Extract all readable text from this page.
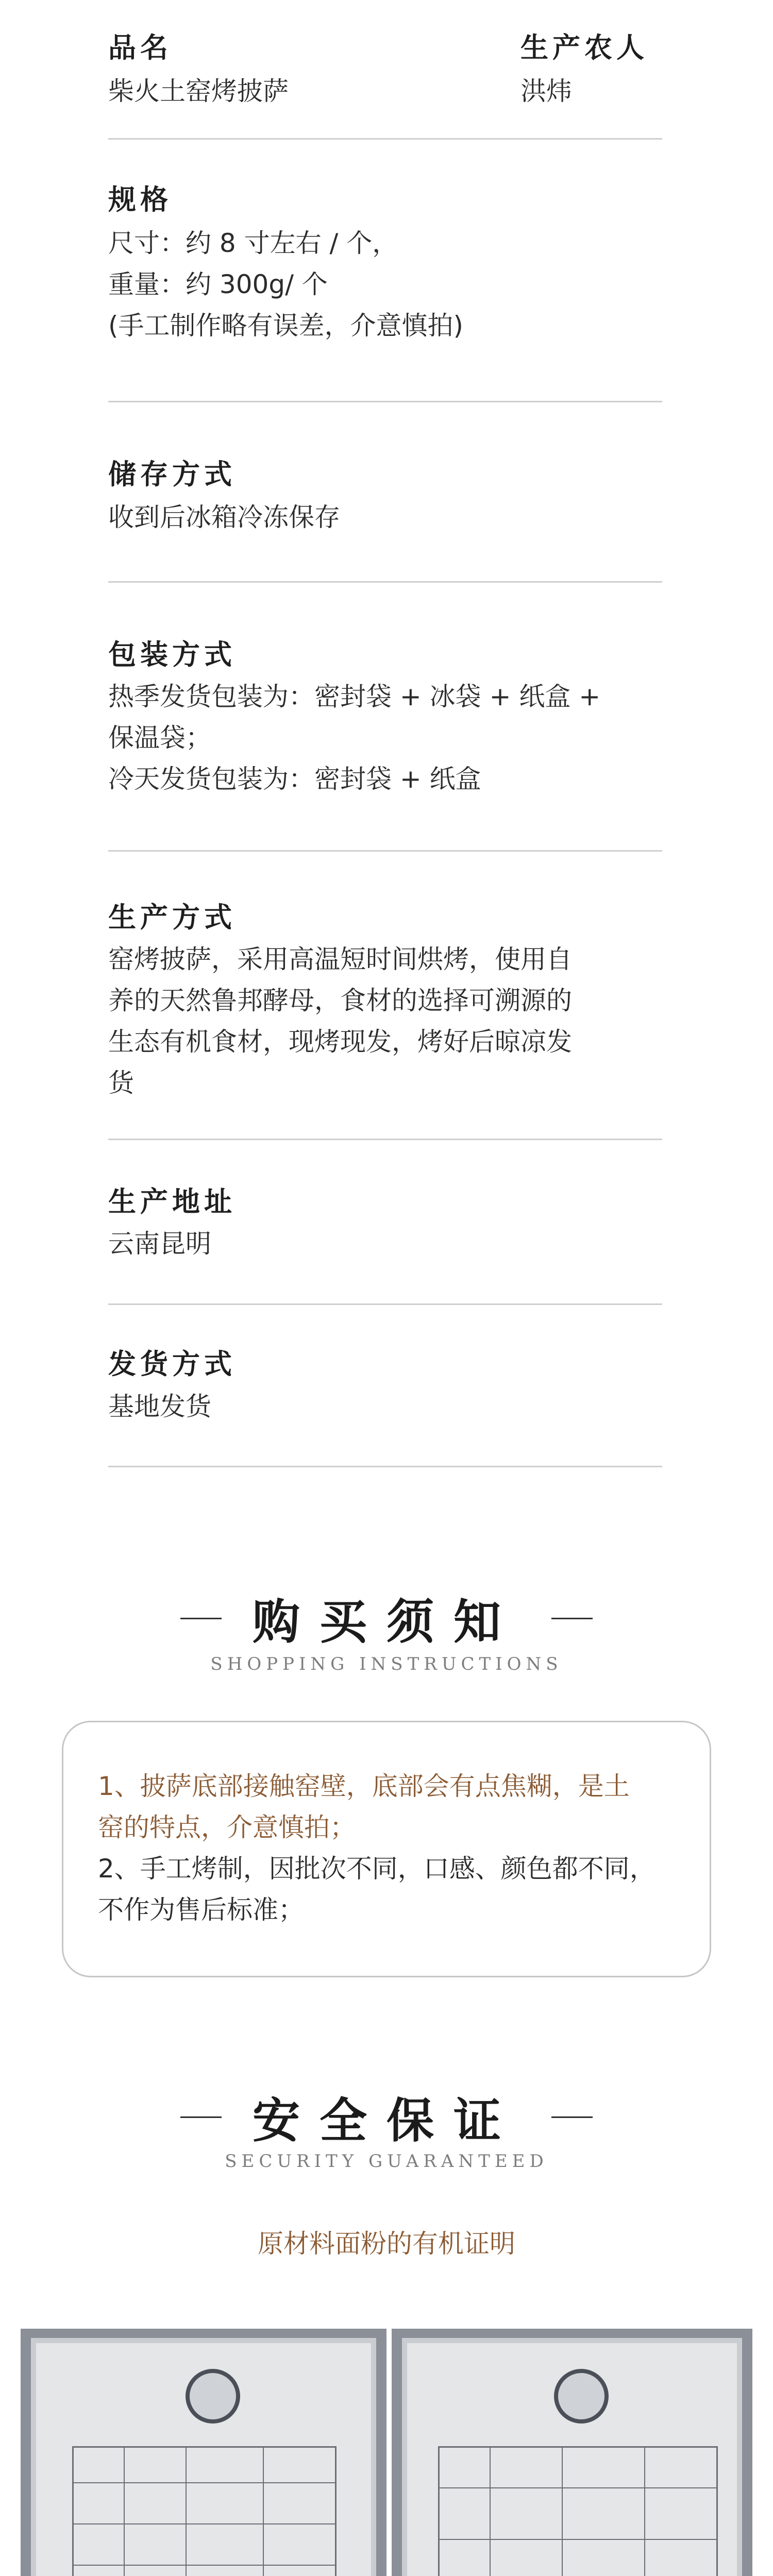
品名
柴火土窑烤披萨
生产农人
洪炜
规格
尺寸：约 8 寸左右 / 个，
重量：约 300g/ 个
(手工制作略有误差，介意慎拍)
储存方式
收到后冰箱冷冻保存
包装方式
热季发货包装为：密封袋 + 冰袋 + 纸盒 +
保温袋；
冷天发货包装为：密封袋 + 纸盒
生产方式
窑烤披萨，采用高温短时间烘烤，使用自
养的天然鲁邦酵母，食材的选择可溯源的
生态有机食材，现烤现发，烤好后晾凉发
货
生产地址
云南昆明
发货方式
基地发货
购买须知
SHOPPING INSTRUCTIONS
1、披萨底部接触窑壁，底部会有点焦糊，是土
窑的特点，介意慎拍；
2、手工烤制，因批次不同，口感、颜色都不同，
不作为售后标准；
安全保证
SECURITY GUARANTEED
原材料面粉的有机证明
